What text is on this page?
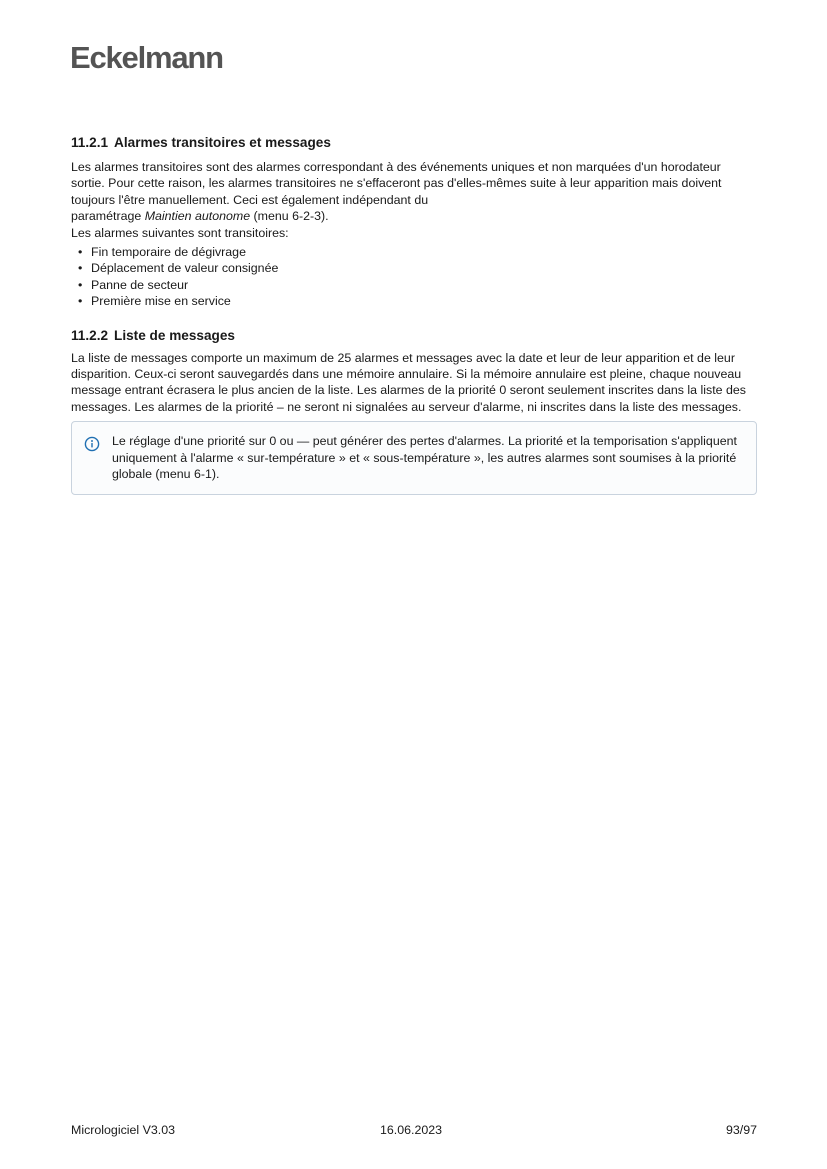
Eckelmann
11.2.1 Alarmes transitoires et messages

Les alarmes transitoires sont des alarmes correspondant à des événements uniques et non marquées d'un horodateur sortie. Pour cette raison, les alarmes transitoires ne s'effaceront pas d'elles-mêmes suite à leur apparition mais doivent toujours l'être manuellement. Ceci est également indépendant du

paramétrage Maintien autonome (menu 6-2-3).

Les alarmes suivantes sont transitoires:

• Fin temporaire de dégivrage
• Déplacement de valeur consignée
• Panne de secteur
• Première mise en service
11.2.2 Liste de messages

La liste de messages comporte un maximum de 25 alarmes et messages avec la date et leur de leur apparition et de leur disparition. Ceux-ci seront sauvegardés dans une mémoire annulaire. Si la mémoire annulaire est pleine, chaque nouveau message entrant écrasera le plus ancien de la liste. Les alarmes de la priorité 0 seront seulement inscrites dans la liste des messages. Les alarmes de la priorité – ne seront ni signalées au serveur d'alarme, ni inscrites dans la liste des messages.

Le réglage d'une priorité sur 0 ou — peut générer des pertes d'alarmes. La priorité et la temporisation s'appliquent uniquement à l'alarme « sur-température » et « sous-température », les autres alarmes sont soumises à la priorité globale (menu 6-1).
Micrologiciel V3.03	16.06.2023	93/97
